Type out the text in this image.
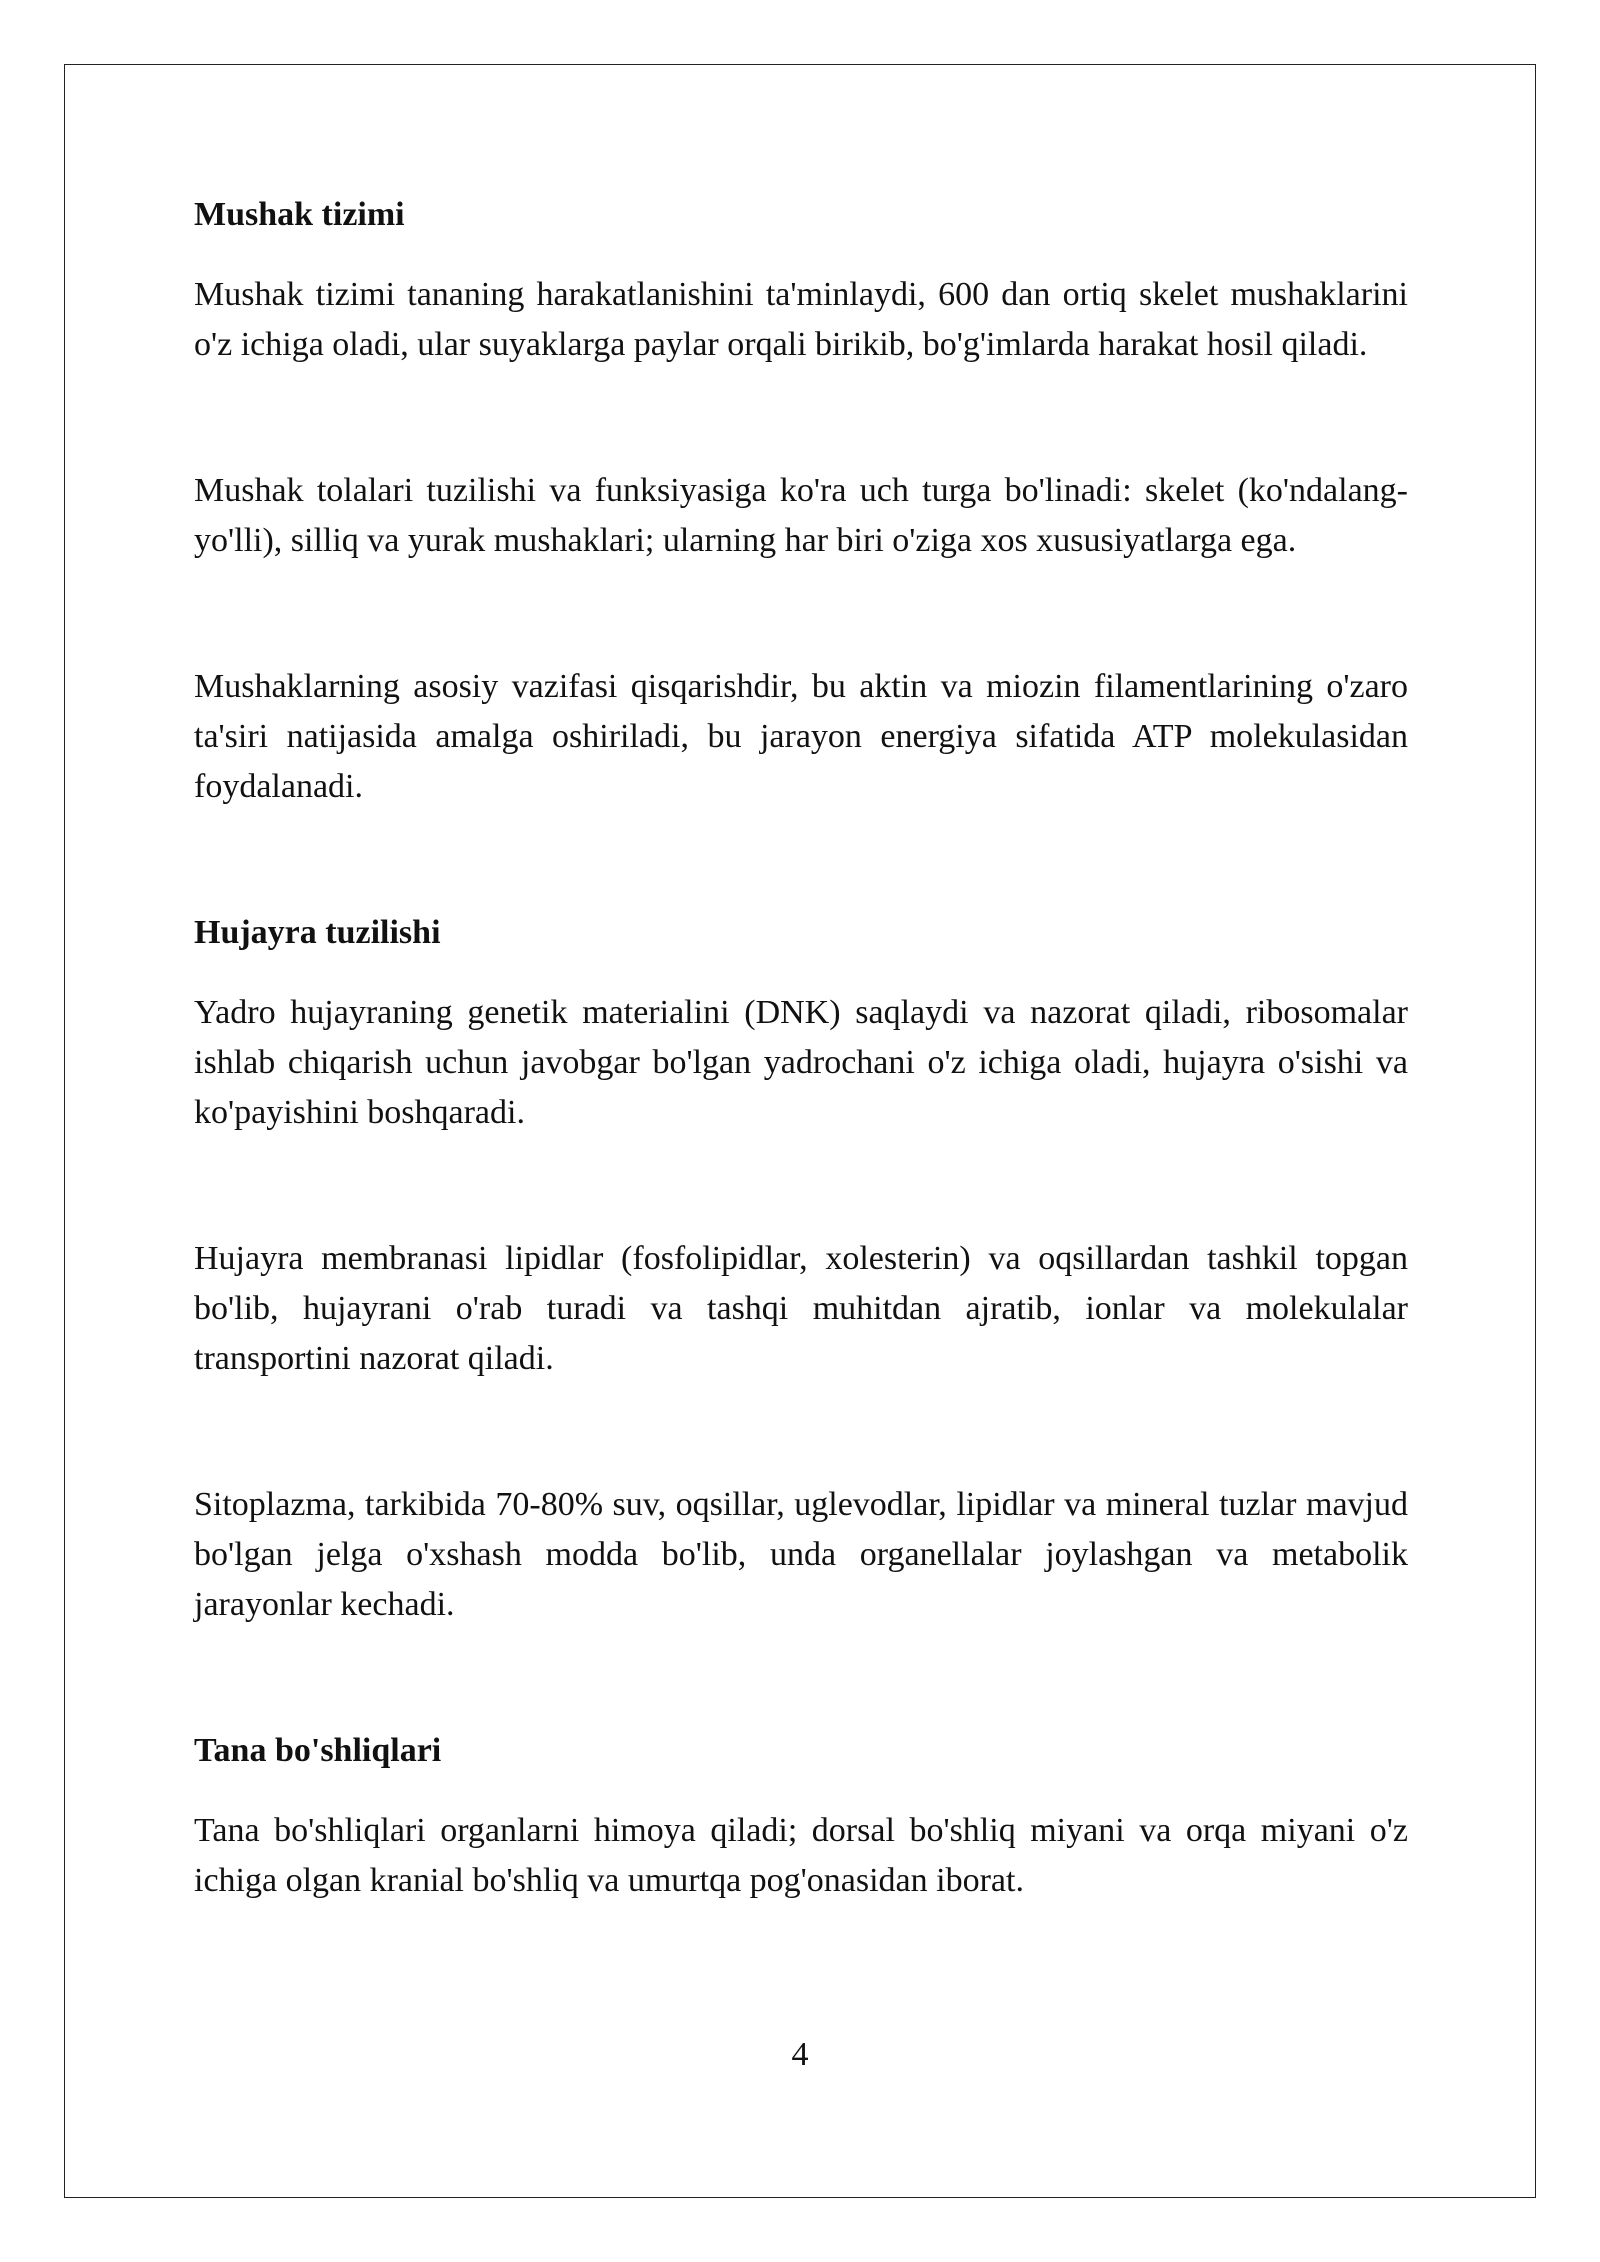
Mushak tizimi

Mushak tizimi tananing harakatlanishini ta'minlaydi, 600 dan ortiq skelet mushaklarini o'z ichiga oladi, ular suyaklarga paylar orqali birikib, bo'g'imlarda harakat hosil qiladi.

Mushak tolalari tuzilishi va funksiyasiga ko'ra uch turga bo'linadi: skelet (ko'ndalang-yo'lli), silliq va yurak mushaklari; ularning har biri o'ziga xos xususiyatlarga ega.

Mushaklarning asosiy vazifasi qisqarishdir, bu aktin va miozin filamentlarining o'zaro ta'siri natijasida amalga oshiriladi, bu jarayon energiya sifatida ATP molekulasidan foydalanadi.

Hujayra tuzilishi

Yadro hujayraning genetik materialini (DNK) saqlaydi va nazorat qiladi, ribosomalar ishlab chiqarish uchun javobgar bo'lgan yadrochani o'z ichiga oladi, hujayra o'sishi va ko'payishini boshqaradi.

Hujayra membranasi lipidlar (fosfolipidlar, xolesterin) va oqsillardan tashkil topgan bo'lib, hujayrani o'rab turadi va tashqi muhitdan ajratib, ionlar va molekulalar transportini nazorat qiladi.

Sitoplazma, tarkibida 70-80% suv, oqsillar, uglevodlar, lipidlar va mineral tuzlar mavjud bo'lgan jelga o'xshash modda bo'lib, unda organellalar joylashgan va metabolik jarayonlar kechadi.

Tana bo'shliqlari

Tana bo'shliqlari organlarni himoya qiladi; dorsal bo'shliq miyani va orqa miyani o'z ichiga olgan kranial bo'shliq va umurtqa pog'onasidan iborat.

4
